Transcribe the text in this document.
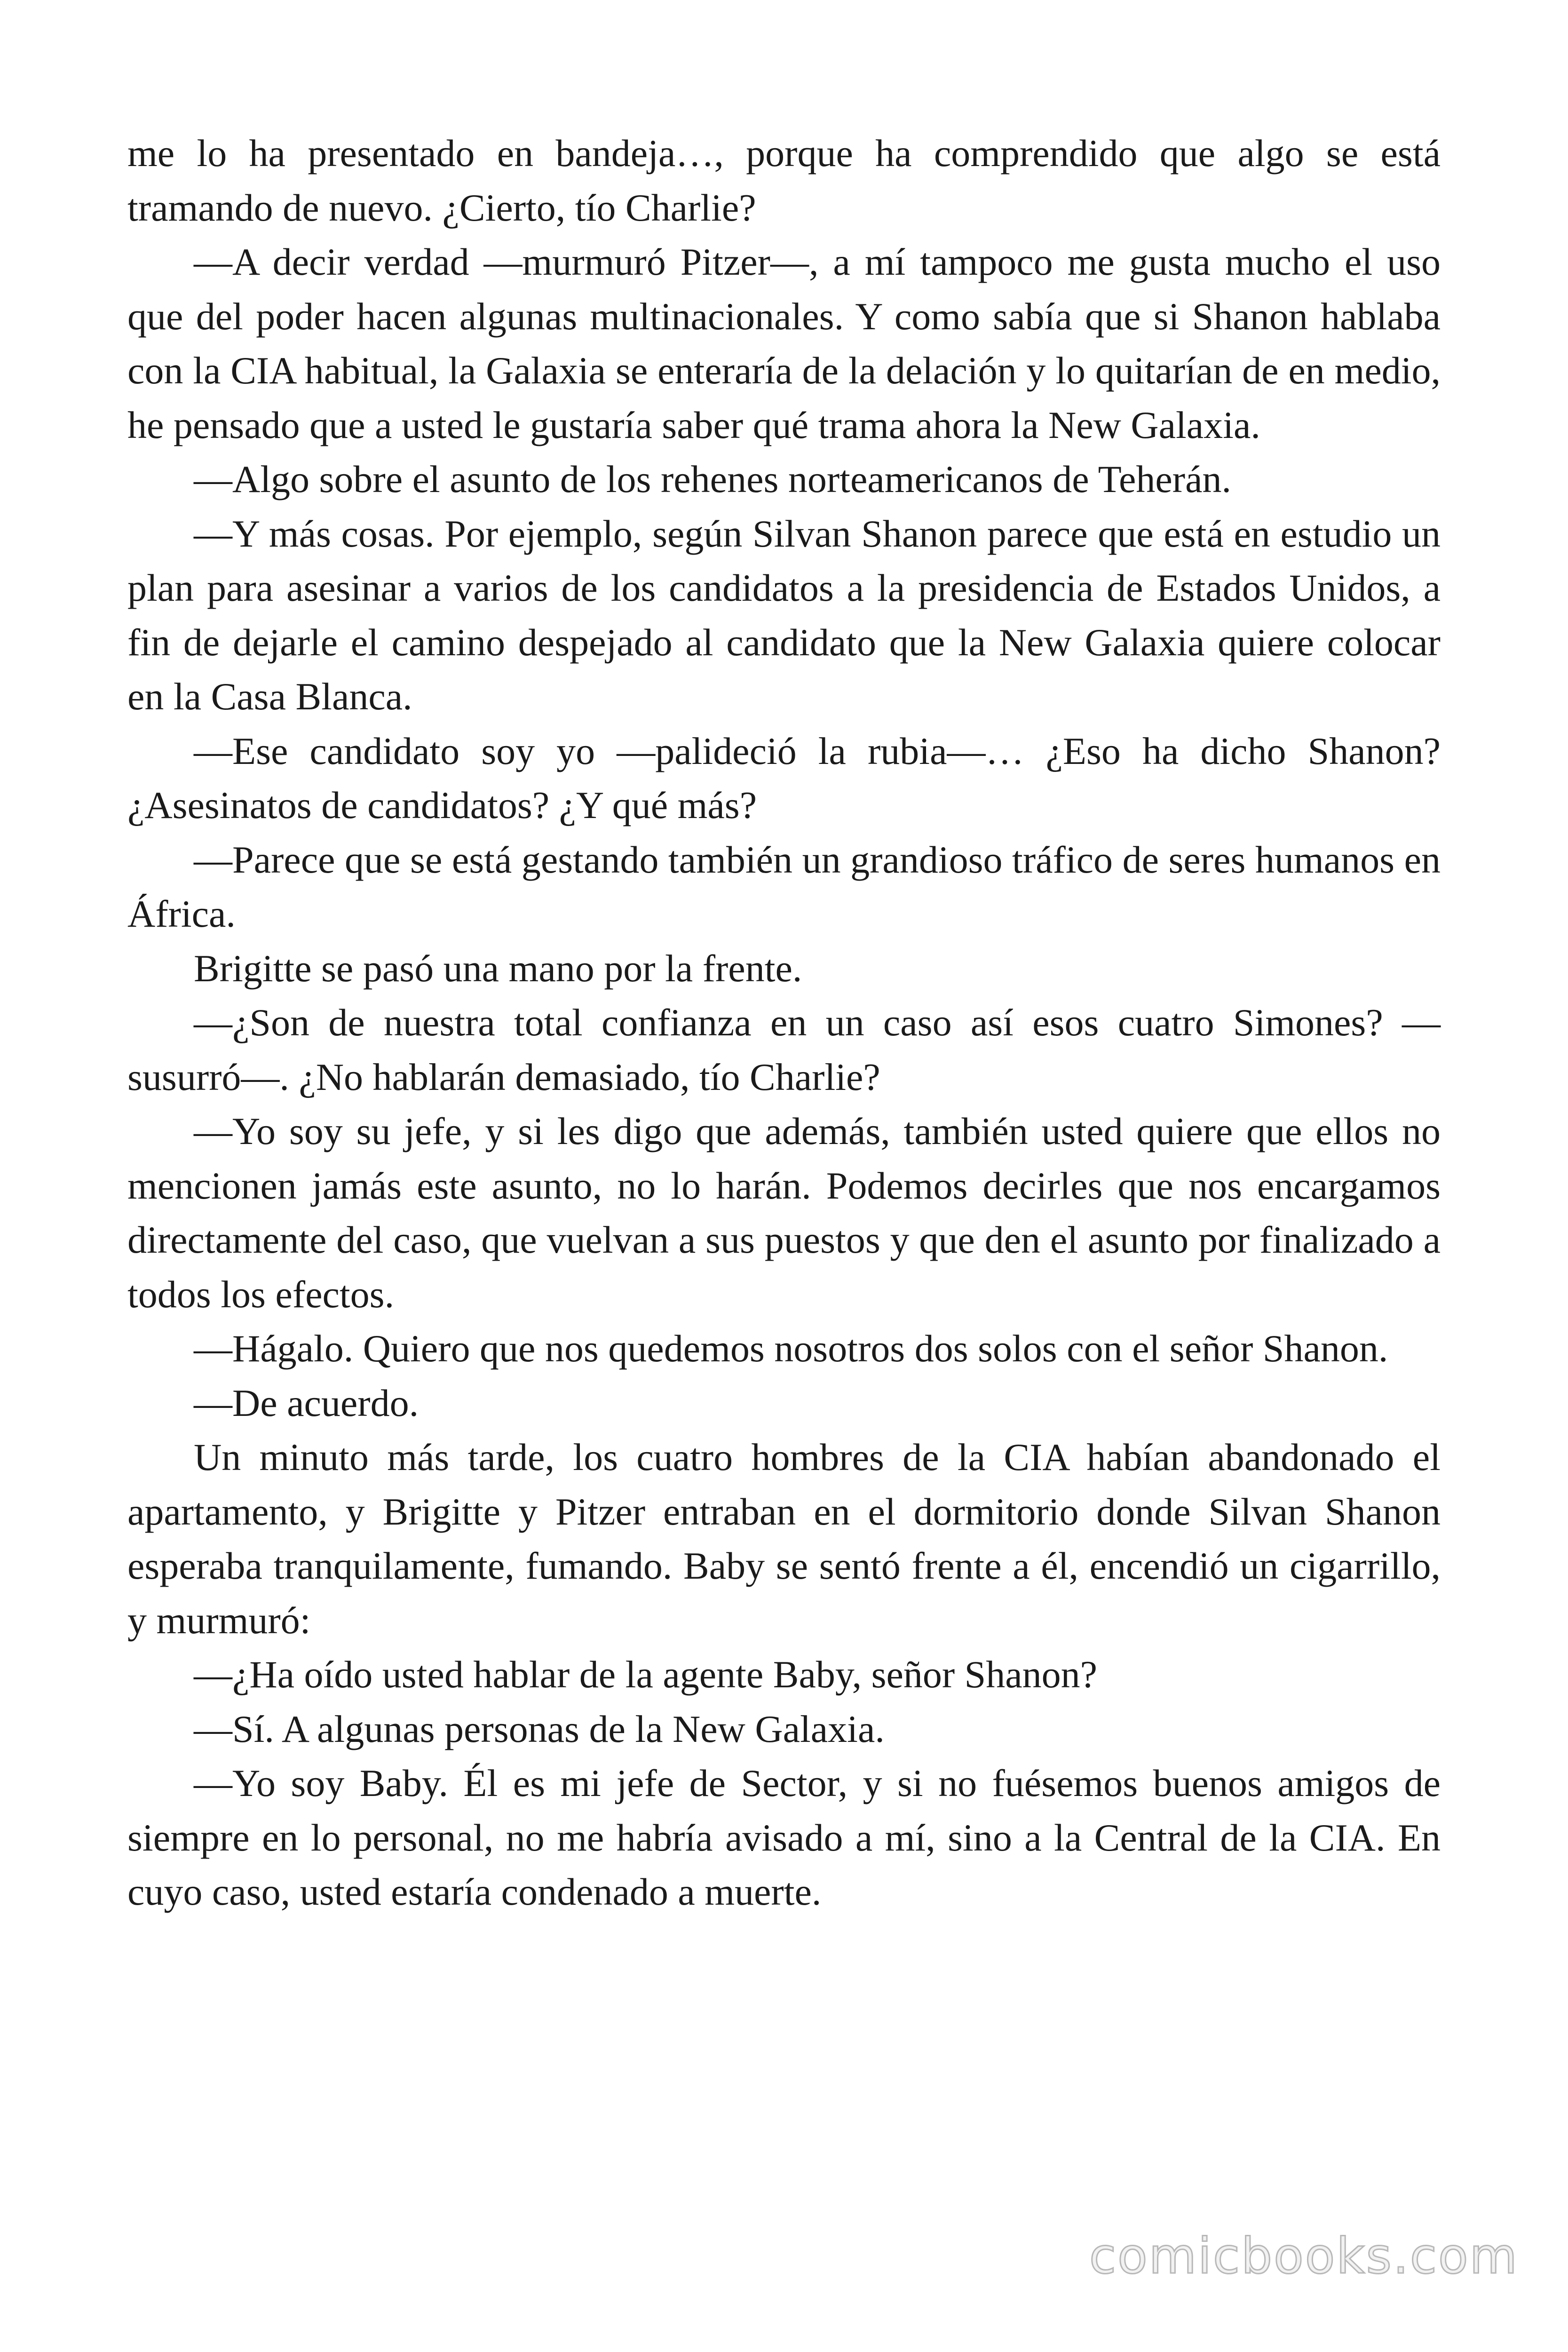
me lo ha presentado en bandeja…, porque ha comprendido que algo se está tramando de nuevo. ¿Cierto, tío Charlie?

—A decir verdad —murmuró Pitzer—, a mí tampoco me gusta mucho el uso que del poder hacen algunas multinacionales. Y como sabía que si Shanon hablaba con la CIA habitual, la Galaxia se enteraría de la delación y lo quitarían de en medio, he pensado que a usted le gustaría saber qué trama ahora la New Galaxia.

—Algo sobre el asunto de los rehenes norteamericanos de Teherán.

—Y más cosas. Por ejemplo, según Silvan Shanon parece que está en estudio un plan para asesinar a varios de los candidatos a la presidencia de Estados Unidos, a fin de dejarle el camino despejado al candidato que la New Galaxia quiere colocar en la Casa Blanca.

—Ese candidato soy yo —palideció la rubia—… ¿Eso ha dicho Shanon? ¿Asesinatos de candidatos? ¿Y qué más?

—Parece que se está gestando también un grandioso tráfico de seres humanos en África.

Brigitte se pasó una mano por la frente.

—¿Son de nuestra total confianza en un caso así esos cuatro Simones? —susurró—. ¿No hablarán demasiado, tío Charlie?

—Yo soy su jefe, y si les digo que además, también usted quiere que ellos no mencionen jamás este asunto, no lo harán. Podemos decirles que nos encargamos directamente del caso, que vuelvan a sus puestos y que den el asunto por finalizado a todos los efectos.

—Hágalo. Quiero que nos quedemos nosotros dos solos con el señor Shanon.

—De acuerdo.

Un minuto más tarde, los cuatro hombres de la CIA habían abandonado el apartamento, y Brigitte y Pitzer entraban en el dormitorio donde Silvan Shanon esperaba tranquilamente, fumando. Baby se sentó frente a él, encendió un cigarrillo, y murmuró:

—¿Ha oído usted hablar de la agente Baby, señor Shanon?

—Sí. A algunas personas de la New Galaxia.

—Yo soy Baby. Él es mi jefe de Sector, y si no fuésemos buenos amigos de siempre en lo personal, no me habría avisado a mí, sino a la Central de la CIA. En cuyo caso, usted estaría condenado a muerte.

comicbooks.com
